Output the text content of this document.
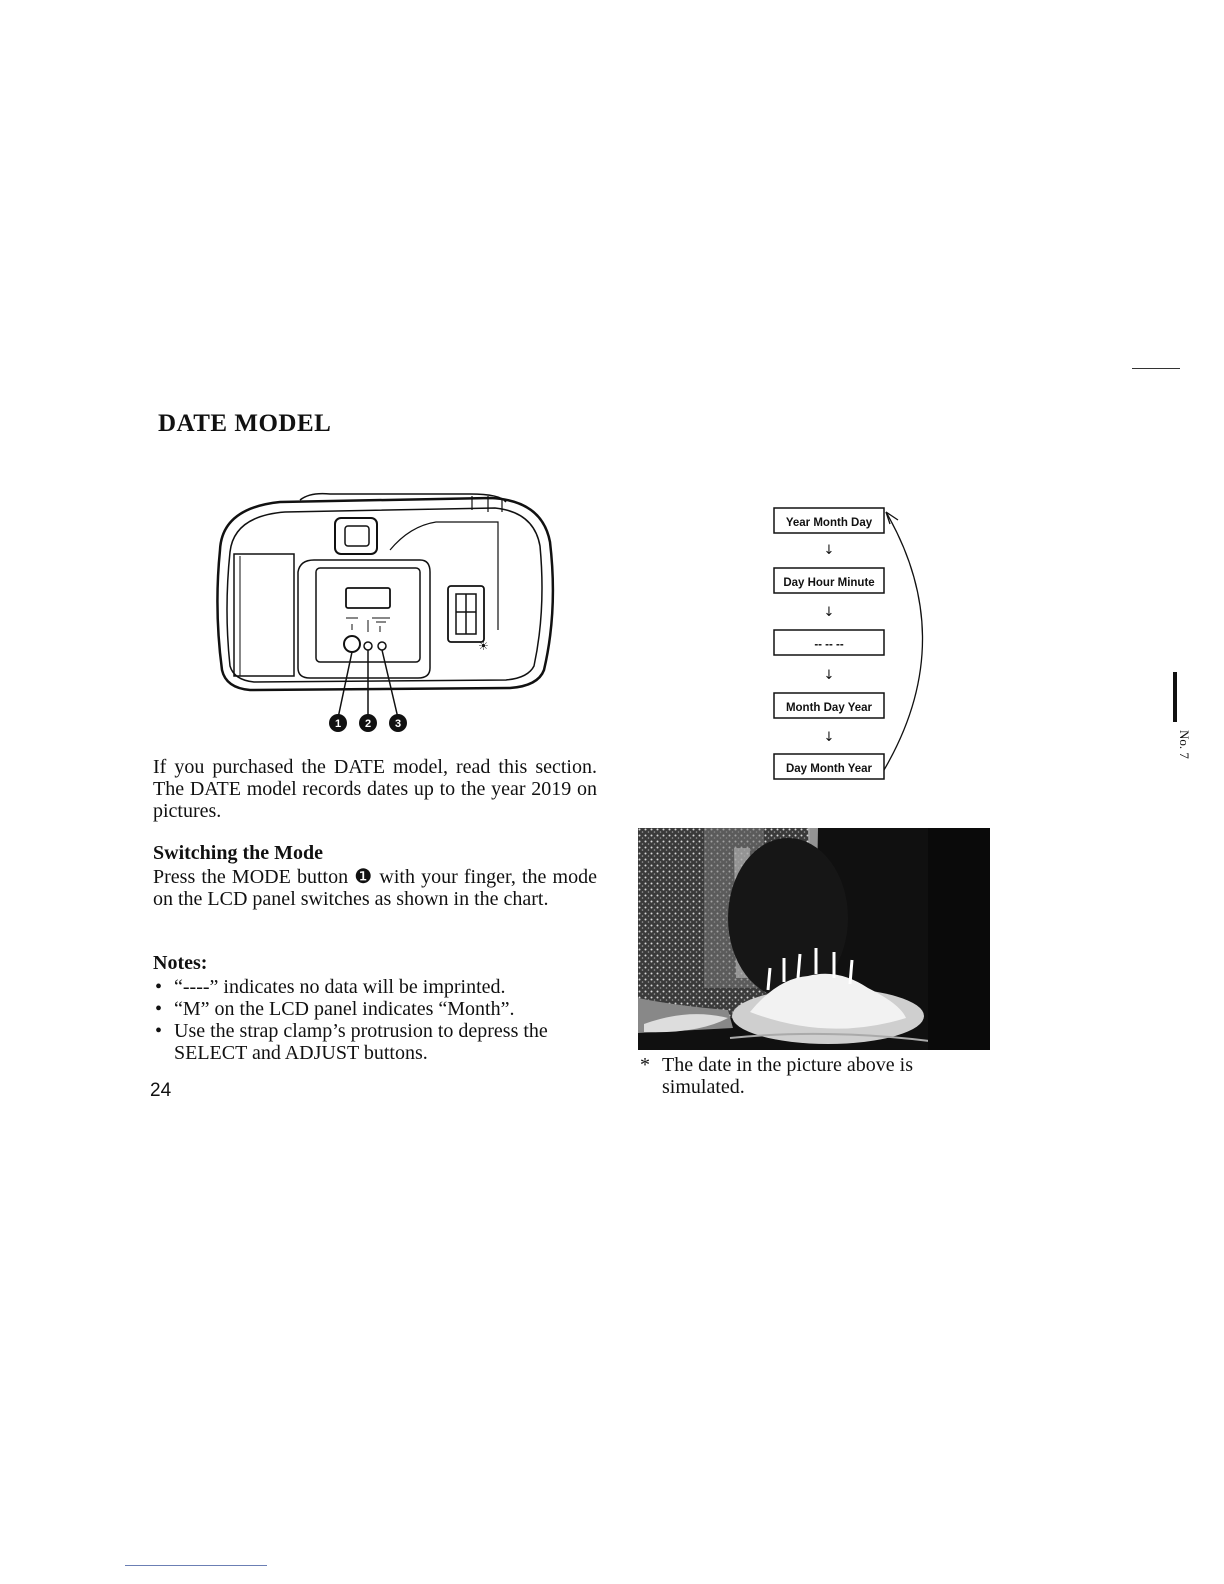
DATE MODEL
☀
1 2 3
Year Month Day
Day Hour Minute
-- -- --
Month Day Year
Day Month Year
↓
↓
↓
↓
If you purchased the DATE model, read this section. The DATE model records dates up to the year 2019 on pictures.
Switching the Mode
Press the MODE button ❶ with your finger, the mode on the LCD panel switches as shown in the chart.
Notes:
• “----” indicates no data will be imprinted.
• “M” on the LCD panel indicates “Month”.
• Use the strap clamp’s protrusion to depress the SELECT and ADJUST buttons.
24
* The date in the picture above is simulated.
No. 7
